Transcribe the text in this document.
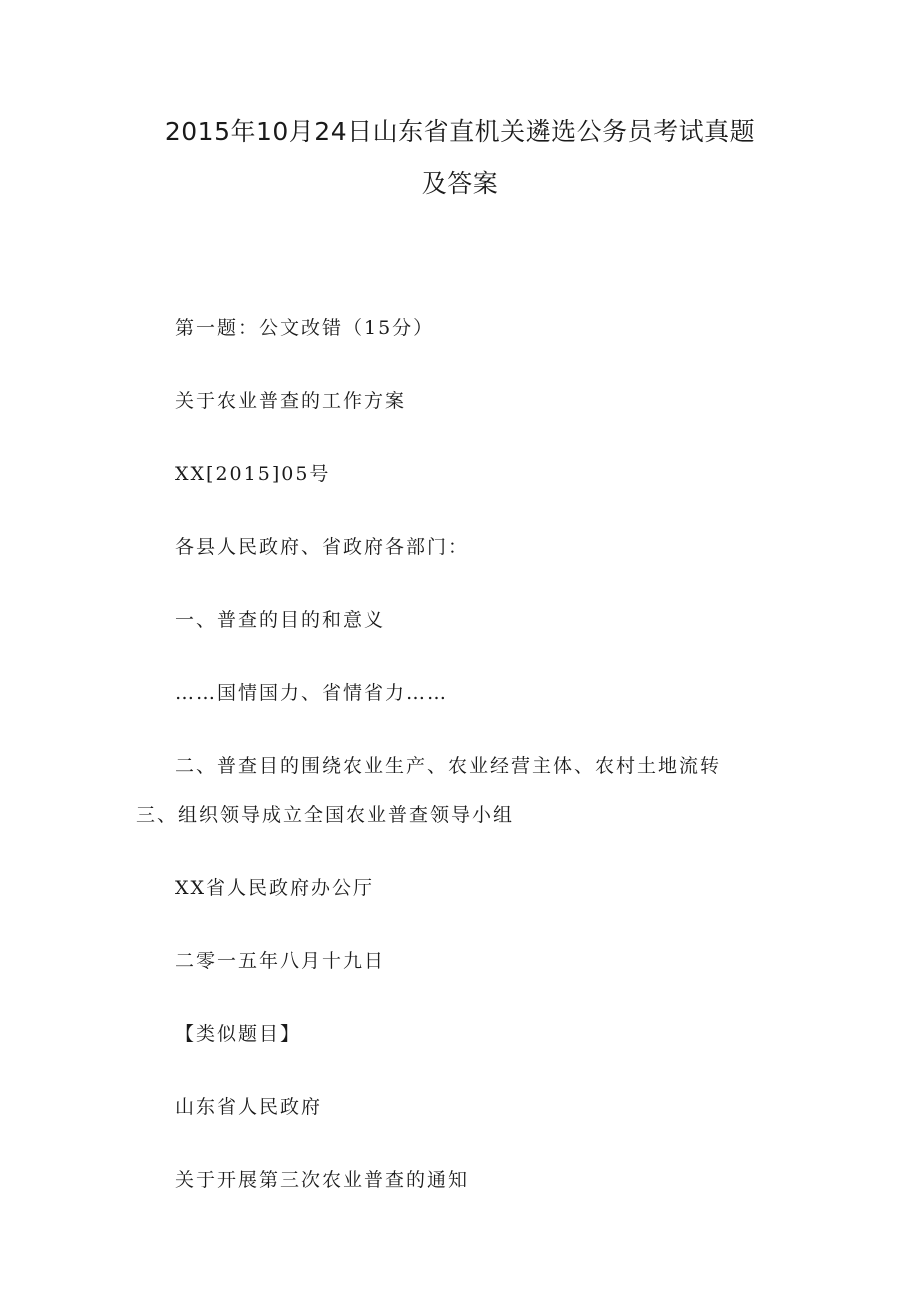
2015年10月24日山东省直机关遴选公务员考试真题
及答案
第一题：公文改错（15分）
关于农业普查的工作方案
XX[2015]05号
各县人民政府、省政府各部门：
一、普查的目的和意义
……国情国力、省情省力……
二、普查目的围绕农业生产、农业经营主体、农村土地流转
三、组织领导成立全国农业普查领导小组
XX省人民政府办公厅
二零一五年八月十九日
【类似题目】
山东省人民政府
关于开展第三次农业普查的通知
